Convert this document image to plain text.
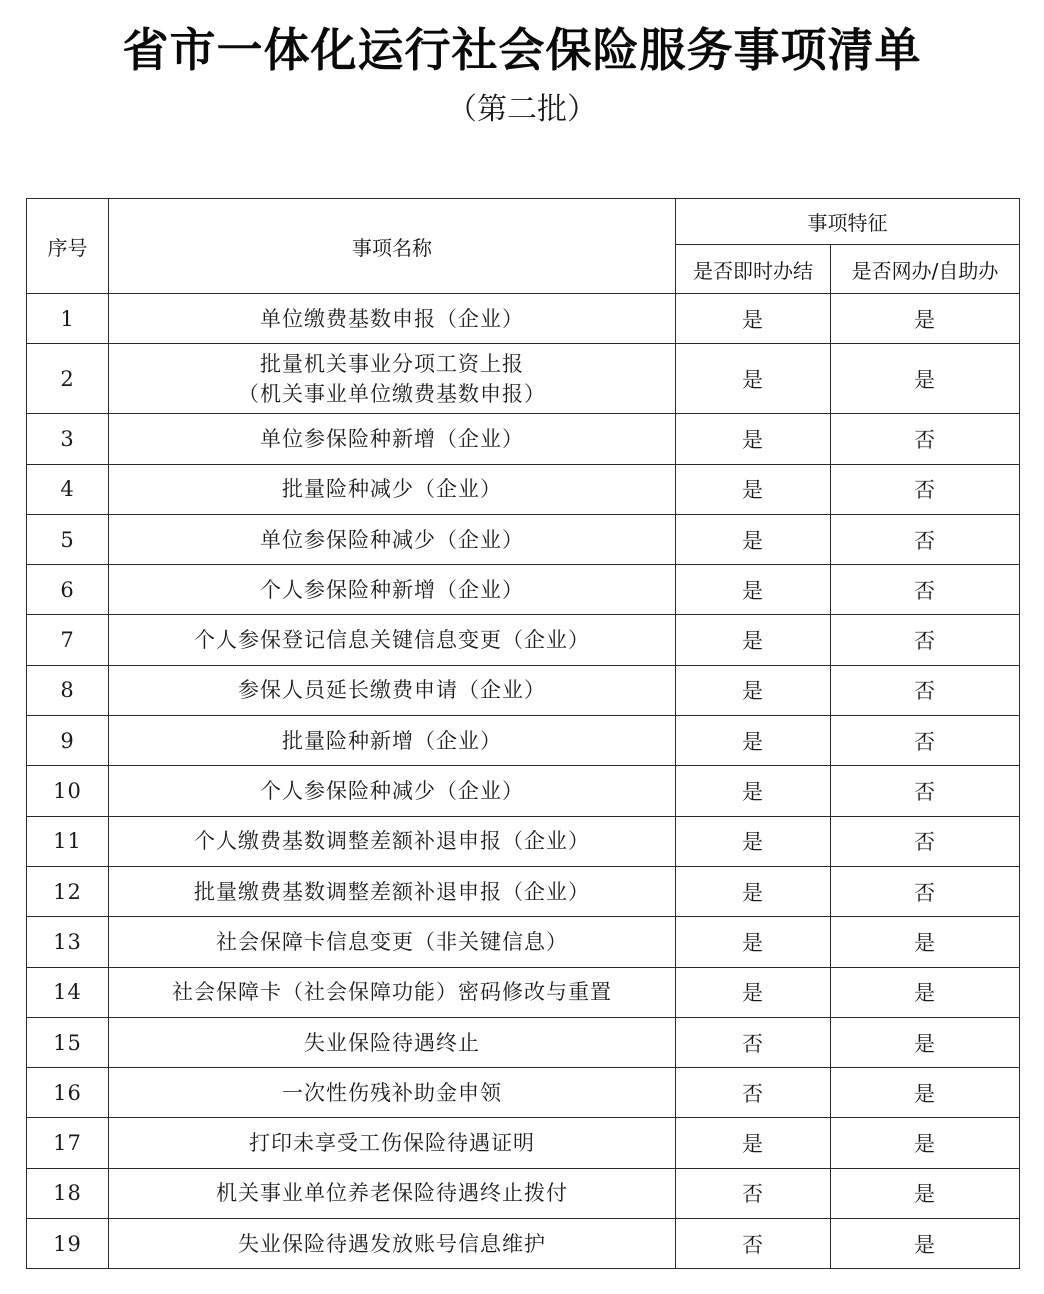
省市一体化运行社会保险服务事项清单
（第二批）
序号	事项名称	事项特征	
		是否即时办结	是否网办/自助办
1	单位缴费基数申报（企业）	是	是
2	批量机关事业分项工资上报
（机关事业单位缴费基数申报）	是	是
3	单位参保险种新增（企业）	是	否
4	批量险种减少（企业）	是	否
5	单位参保险种减少（企业）	是	否
6	个人参保险种新增（企业）	是	否
7	个人参保登记信息关键信息变更（企业）	是	否
8	参保人员延长缴费申请（企业）	是	否
9	批量险种新增（企业）	是	否
10	个人参保险种减少（企业）	是	否
11	个人缴费基数调整差额补退申报（企业）	是	否
12	批量缴费基数调整差额补退申报（企业）	是	否
13	社会保障卡信息变更（非关键信息）	是	是
14	社会保障卡（社会保障功能）密码修改与重置	是	是
15	失业保险待遇终止	否	是
16	一次性伤残补助金申领	否	是
17	打印未享受工伤保险待遇证明	是	是
18	机关事业单位养老保险待遇终止拨付	否	是
19	失业保险待遇发放账号信息维护	否	是
